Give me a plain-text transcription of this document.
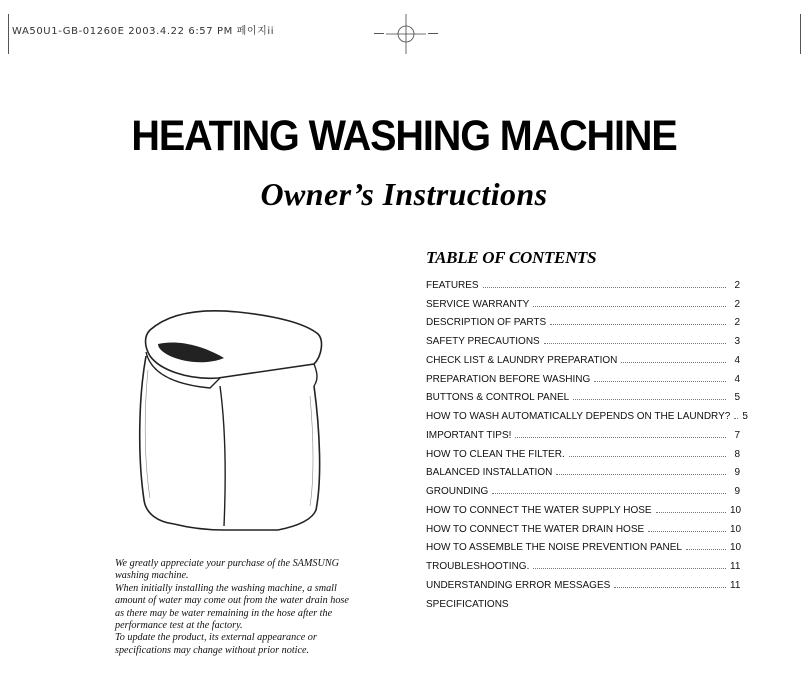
WA50U1-GB-01260E 2003.4.22 6:57 PM 페이지ii
HEATING WASHING MACHINE
Owner’s Instructions
We greatly appreciate your purchase of the SAMSUNG
washing machine.
When initially installing the washing machine, a small
amount of water may come out from the water drain hose
as there may be water remaining in the hose after the
performance test at the factory.
To update the product, its external appearance or
specifications may change without prior notice.
TABLE OF CONTENTS
FEATURES	2
SERVICE WARRANTY	2
DESCRIPTION OF PARTS	2
SAFETY PRECAUTIONS	3
CHECK LIST & LAUNDRY PREPARATION	4
PREPARATION BEFORE WASHING	4
BUTTONS & CONTROL PANEL	5
HOW TO WASH AUTOMATICALLY DEPENDS ON THE LAUNDRY? 5
IMPORTANT TIPS!	7
HOW TO CLEAN THE FILTER.	8
BALANCED INSTALLATION	9
GROUNDING	9
HOW TO CONNECT THE WATER SUPPLY HOSE	10
HOW TO CONNECT THE WATER DRAIN HOSE	10
HOW TO ASSEMBLE THE NOISE PREVENTION PANEL	10
TROUBLESHOOTING.	11
UNDERSTANDING ERROR MESSAGES	11
SPECIFICATIONS
